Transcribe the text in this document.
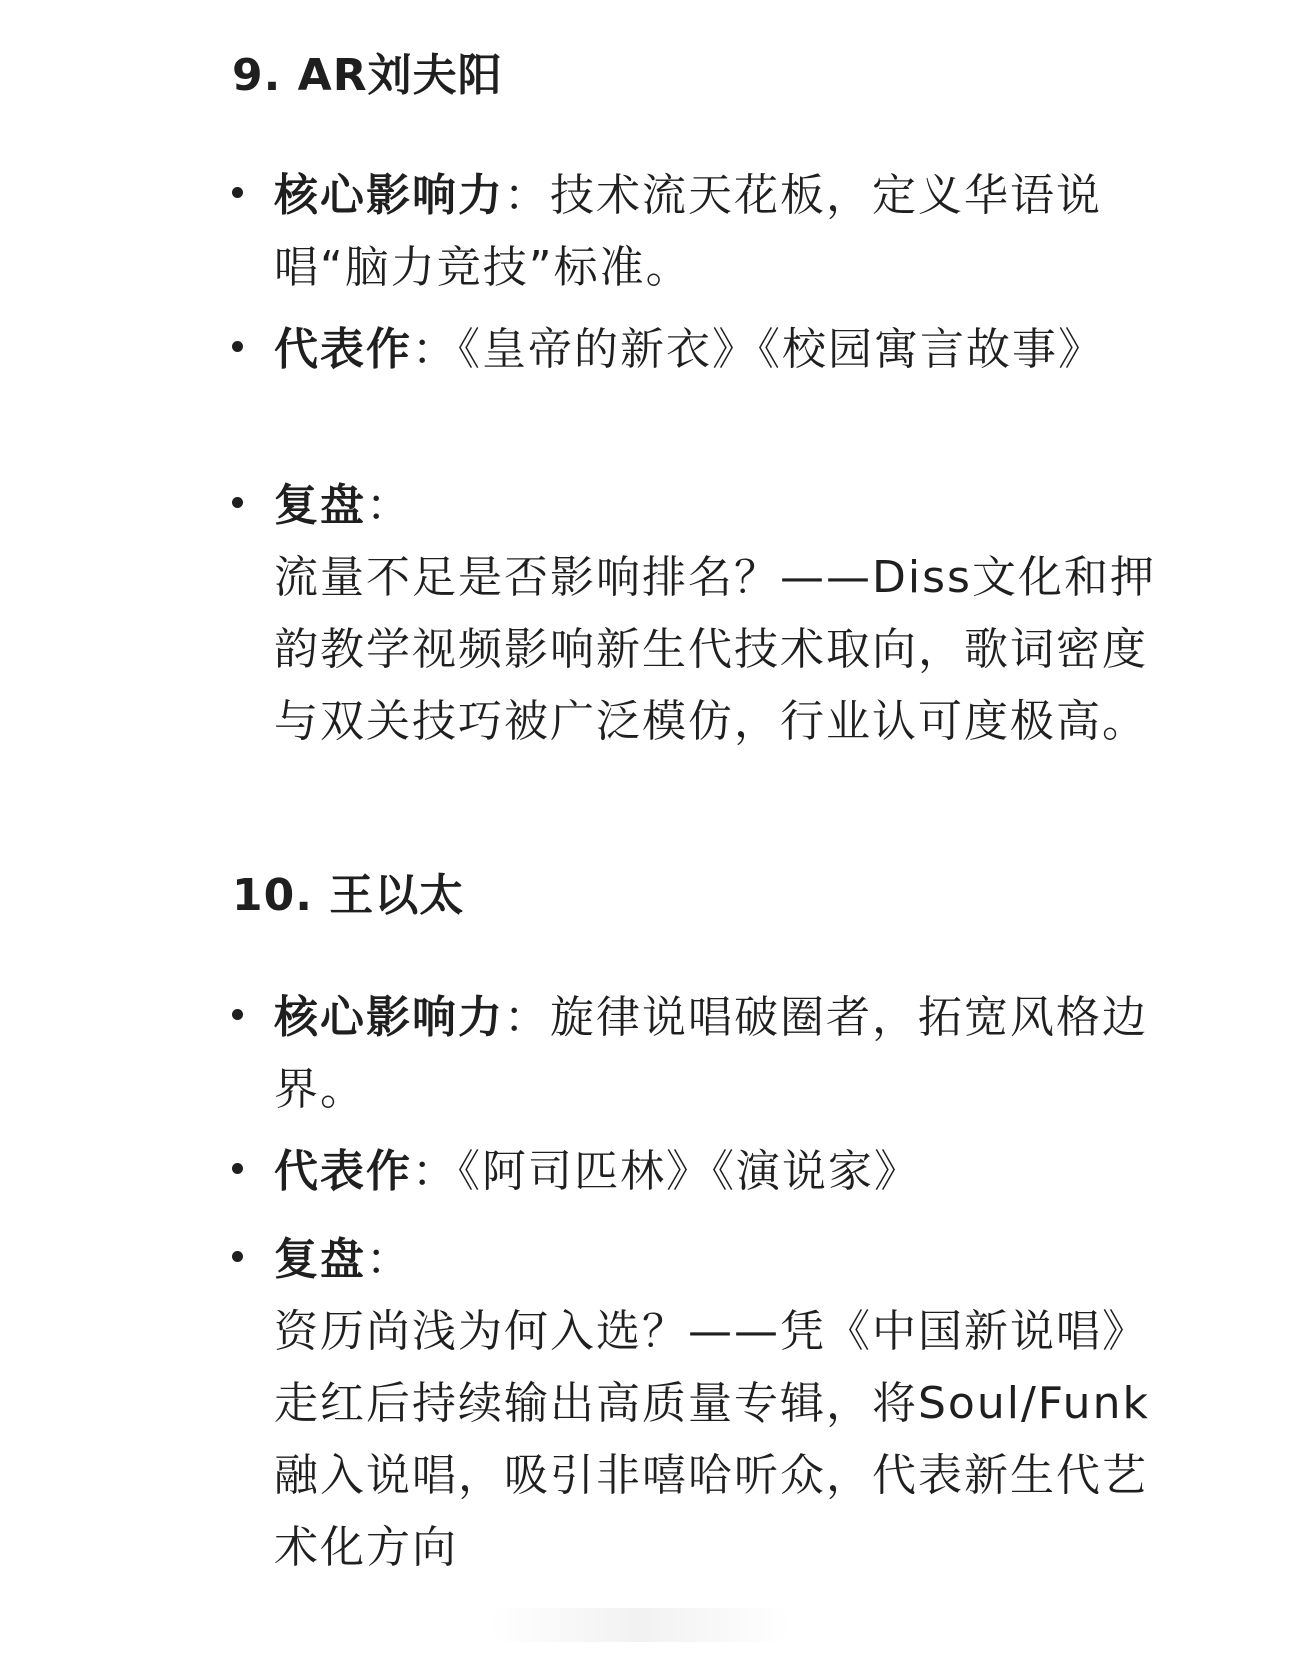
9. AR刘夫阳
核心影响力：技术流天花板，定义华语说唱“脑力竞技”标准。
代表作：《皇帝的新衣》《校园寓言故事》
复盘：
流量不足是否影响排名？——Diss文化和押韵教学视频影响新生代技术取向，歌词密度与双关技巧被广泛模仿，行业认可度极高。
10. 王以太
核心影响力：旋律说唱破圈者，拓宽风格边界。
代表作：《阿司匹林》《演说家》
复盘：
资历尚浅为何入选？——凭《中国新说唱》走红后持续输出高质量专辑，将Soul/Funk融入说唱，吸引非嘻哈听众，代表新生代艺术化方向
